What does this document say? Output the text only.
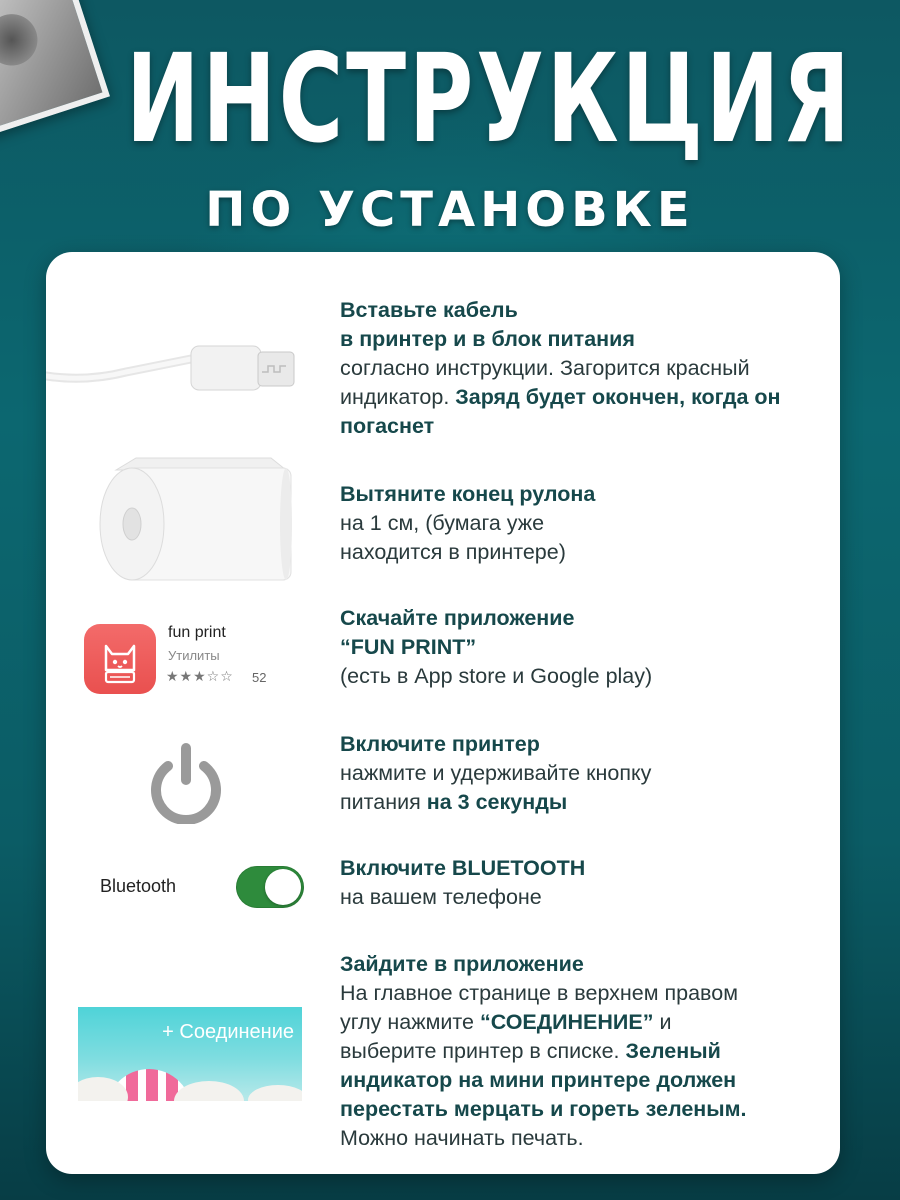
ИНСТРУКЦИЯ
ПО УСТАНОВКЕ
fun print
Утилиты
★★★☆☆ 52
Bluetooth
+ Соединение
Вставьте кабель
в принтер и в блок питания
согласно инструкции. Загорится красный индикатор. Заряд будет окончен, когда он погаснет
Вытяните конец рулона
на 1 см, (бумага уже находится в принтере)
Скачайте приложение
“FUN PRINT”
(есть в App store и Google play)
Включите принтер
нажмите и удерживайте кнопку питания на 3 секунды
Включите BLUETOOTH
на вашем телефоне
Зайдите в приложение
На главное странице в верхнем правом углу нажмите “СОЕДИНЕНИЕ” и выберите принтер в списке. Зеленый индикатор на мини принтере должен перестать мерцать и гореть зеленым. Можно начинать печать.
